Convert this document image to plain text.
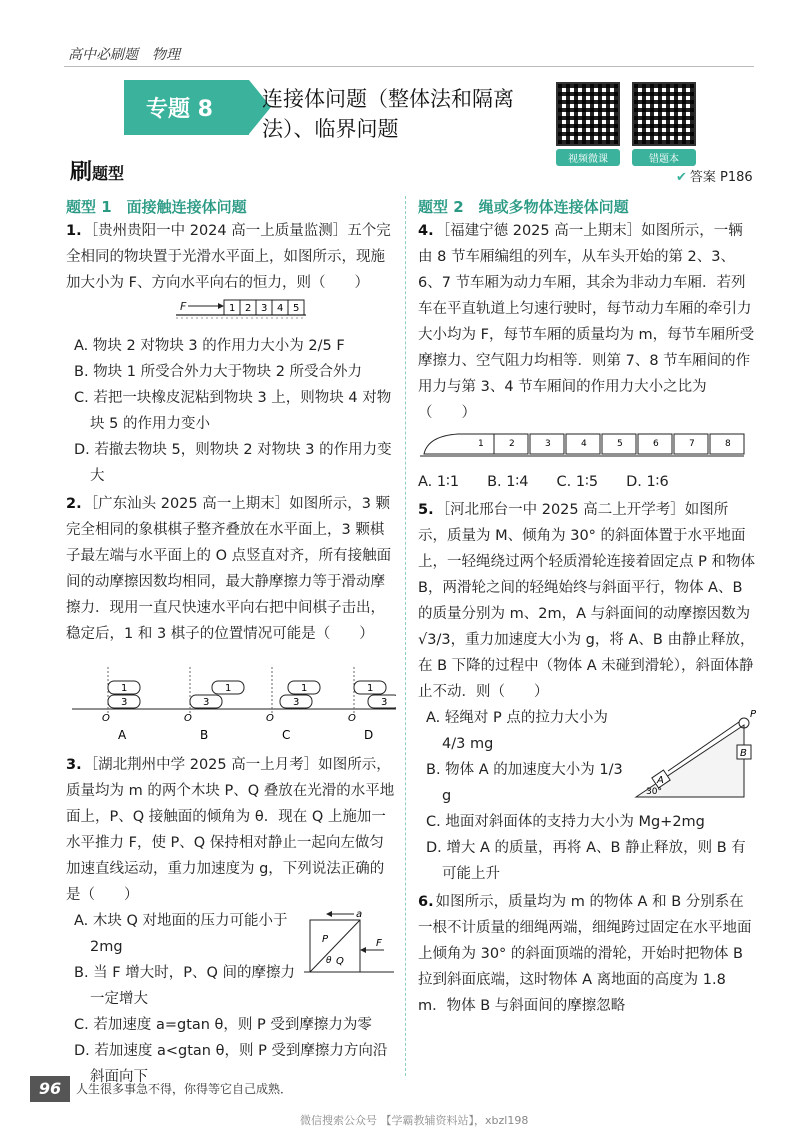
高中必刷题　物理
专题 8 连接体问题（整体法和隔离法）、临界问题
视频微课	错题本
刷题型	✔ 答案 P186
题型 1　面接触连接体问题

1. ［贵州贵阳一中 2024 高一上质量监测］五个完全相同的物块置于光滑水平面上，如图所示，现施加大小为 F、方向水平向右的恒力，则（　　）

F	1 2 3 4 5

A. 物块 2 对物块 3 的作用力大小为 2/5 F

B. 物块 1 所受合外力大于物块 2 所受合外力

C. 若把一块橡皮泥粘到物块 3 上，则物块 4 对物块 5 的作用力变小

D. 若撤去物块 5，则物块 2 对物块 3 的作用力变大

2. ［广东汕头 2025 高一上期末］如图所示，3 颗完全相同的象棋棋子整齐叠放在水平面上，3 颗棋子最左端与水平面上的 O 点竖直对齐，所有接触面间的动摩擦因数均相同，最大静摩擦力等于滑动摩擦力．现用一直尺快速水平向右把中间棋子击出，稳定后，1 和 3 棋子的位置情况可能是（　　）

O
3
1
A
O
3
1
B
O
3
1
C
O
3
1
D

3. ［湖北荆州中学 2025 高一上月考］如图所示，质量均为 m 的两个木块 P、Q 叠放在光滑的水平地面上，P、Q 接触面的倾角为 θ．现在 Q 上施加一水平推力 F，使 P、Q 保持相对静止一起向左做匀加速直线运动，重力加速度为 g，下列说法正确的是（　　）

a
P
Q
θ
F

A. 木块 Q 对地面的压力可能小于 2mg

B. 当 F 增大时，P、Q 间的摩擦力一定增大

C. 若加速度 a=gtan θ，则 P 受到摩擦力为零

D. 若加速度 a<gtan θ，则 P 受到摩擦力方向沿斜面向下

题型 2　绳或多物体连接体问题

4. ［福建宁德 2025 高一上期末］如图所示，一辆由 8 节车厢编组的列车，从车头开始的第 2、3、6、7 节车厢为动力车厢，其余为非动力车厢．若列车在平直轨道上匀速行驶时，每节动力车厢的牵引力大小均为 F，每节车厢的质量均为 m，每节车厢所受摩擦力、空气阻力均相等．则第 7、8 节车厢间的作用力与第 3、4 节车厢间的作用力大小之比为（　　）

1	2	3	4	5	6	7	8

A. 1∶1 B. 1∶4 C. 1∶5 D. 1∶6

5. ［河北邢台一中 2025 高二上开学考］如图所示，质量为 M、倾角为 30° 的斜面体置于水平地面上，一轻绳绕过两个轻质滑轮连接着固定点 P 和物体 B，两滑轮之间的轻绳始终与斜面平行，物体 A、B 的质量分别为 m、2m，A 与斜面间的动摩擦因数为 √3/3，重力加速度大小为 g，将 A、B 由静止释放，在 B 下降的过程中（物体 A 未碰到滑轮），斜面体静止不动．则（　　）

B
A
P
30°

A. 轻绳对 P 点的拉力大小为 4/3 mg

B. 物体 A 的加速度大小为 1/3 g

C. 地面对斜面体的支持力大小为 Mg+2mg

D. 增大 A 的质量，再将 A、B 静止释放，则 B 有可能上升

6. 如图所示，质量均为 m 的物体 A 和 B 分别系在一根不计质量的细绳两端，细绳跨过固定在水平地面上倾角为 30° 的斜面顶端的滑轮，开始时把物体 B 拉到斜面底端，这时物体 A 离地面的高度为 1.8 m．物体 B 与斜面间的摩擦忽略

96	人生很多事急不得，你得等它自己成熟．
微信搜索公众号 【学霸教辅资料站】，xbzl198
